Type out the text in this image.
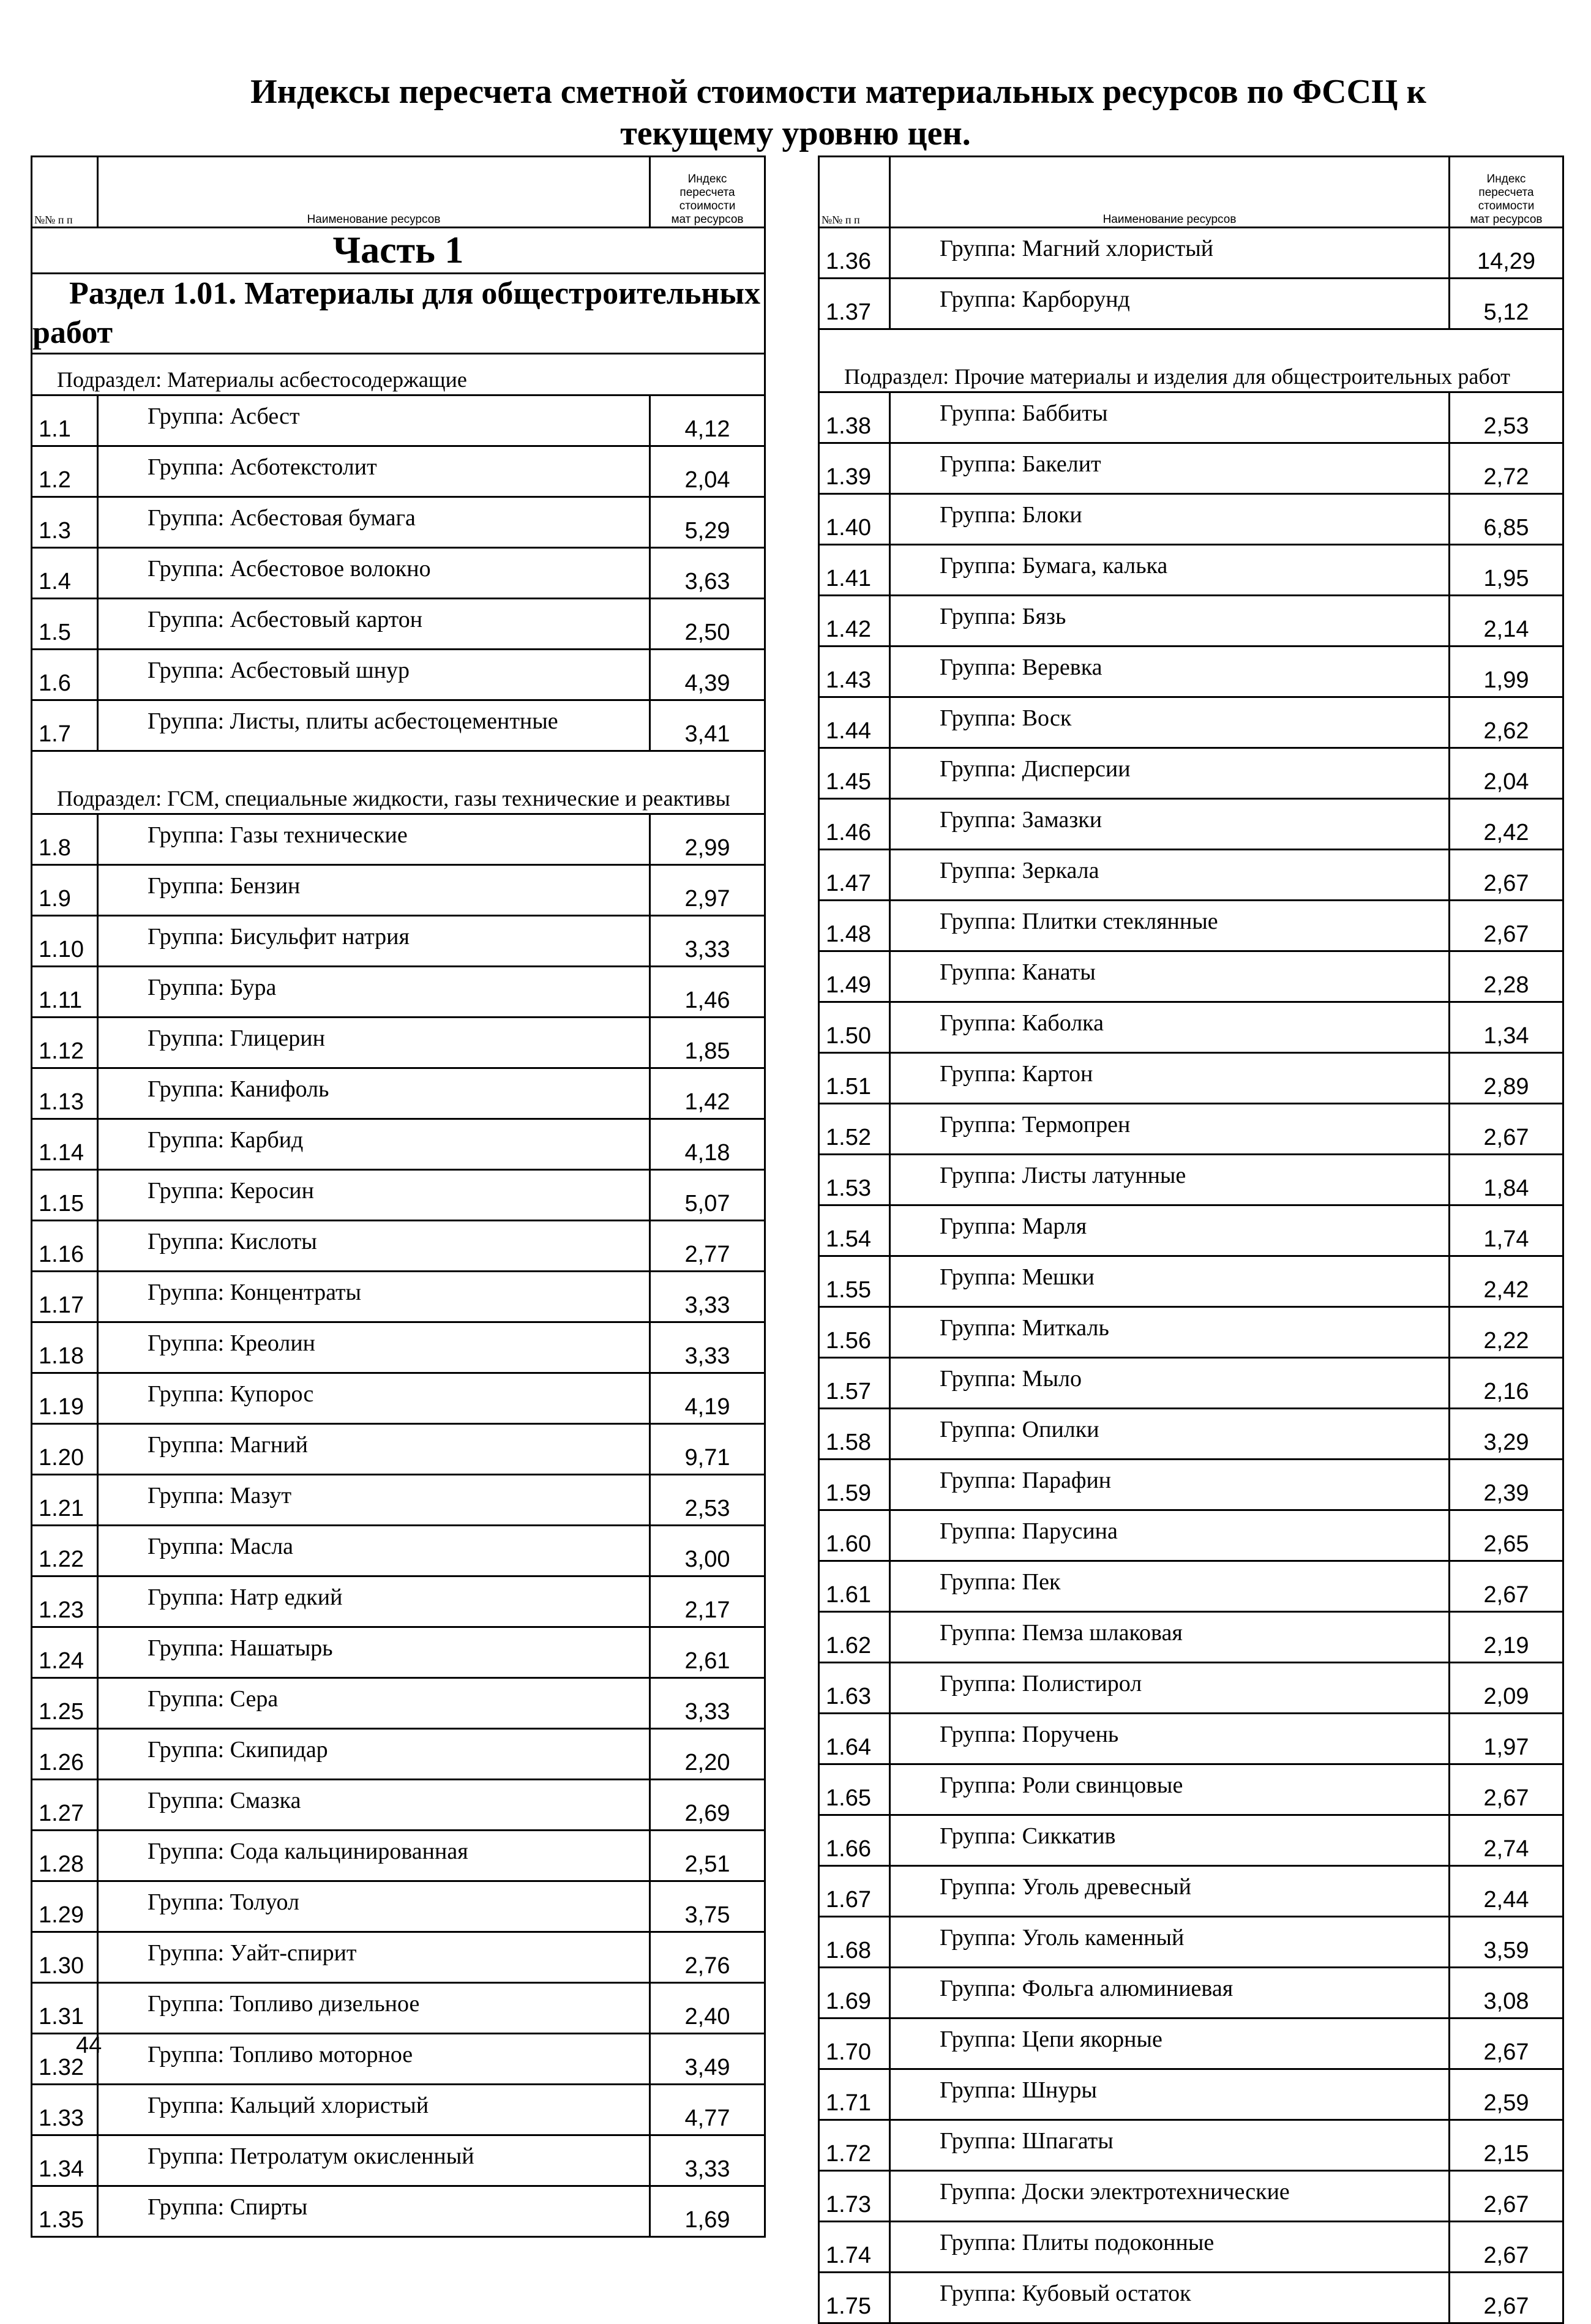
Индексы пересчета сметной стоимости материальных ресурсов по ФССЦ к
текущему уровню цен.
№№ п п	Наименование ресурсов	Индекс
пересчета
стоимости
мат ресурсов

Часть 1		
Раздел 1.01. Материалы для общестроительных работ		
Подраздел: Материалы асбестосодержащие		
1.1	Группа: Асбест	4,12
1.2	Группа: Асботекстолит	2,04
1.3	Группа: Асбестовая бумага	5,29
1.4	Группа: Асбестовое волокно	3,63
1.5	Группа: Асбестовый картон	2,50
1.6	Группа: Асбестовый шнур	4,39
1.7	Группа: Листы, плиты асбестоцементные	3,41
Подраздел: ГСМ, специальные жидкости, газы технические и реактивы		
1.8	Группа: Газы технические	2,99
1.9	Группа: Бензин	2,97
1.10	Группа: Бисульфит натрия	3,33
1.11	Группа: Бура	1,46
1.12	Группа: Глицерин	1,85
1.13	Группа: Канифоль	1,42
1.14	Группа: Карбид	4,18
1.15	Группа: Керосин	5,07
1.16	Группа: Кислоты	2,77
1.17	Группа: Концентраты	3,33
1.18	Группа: Креолин	3,33
1.19	Группа: Купорос	4,19
1.20	Группа: Магний	9,71
1.21	Группа: Мазут	2,53
1.22	Группа: Масла	3,00
1.23	Группа: Натр едкий	2,17
1.24	Группа: Нашатырь	2,61
1.25	Группа: Сера	3,33
1.26	Группа: Скипидар	2,20
1.27	Группа: Смазка	2,69
1.28	Группа: Сода кальцинированная	2,51
1.29	Группа: Толуол	3,75
1.30	Группа: Уайт-спирит	2,76
1.31	Группа: Топливо дизельное	2,40
1.32	Группа: Топливо моторное	3,49
1.33	Группа: Кальций хлористый	4,77
1.34	Группа: Петролатум окисленный	3,33
1.35	Группа: Спирты	1,69
№№ п п	Наименование ресурсов	Индекс
пересчета
стоимости
мат ресурсов

1.36	Группа: Магний хлористый	14,29
1.37	Группа: Карборунд	5,12
Подраздел: Прочие материалы и изделия для общестроительных работ		
1.38	Группа: Баббиты	2,53
1.39	Группа: Бакелит	2,72
1.40	Группа: Блоки	6,85
1.41	Группа: Бумага, калька	1,95
1.42	Группа: Бязь	2,14
1.43	Группа: Веревка	1,99
1.44	Группа: Воск	2,62
1.45	Группа: Дисперсии	2,04
1.46	Группа: Замазки	2,42
1.47	Группа: Зеркала	2,67
1.48	Группа: Плитки стеклянные	2,67
1.49	Группа: Канаты	2,28
1.50	Группа: Каболка	1,34
1.51	Группа: Картон	2,89
1.52	Группа: Термопрен	2,67
1.53	Группа: Листы латунные	1,84
1.54	Группа: Марля	1,74
1.55	Группа: Мешки	2,42
1.56	Группа: Миткаль	2,22
1.57	Группа: Мыло	2,16
1.58	Группа: Опилки	3,29
1.59	Группа: Парафин	2,39
1.60	Группа: Парусина	2,65
1.61	Группа: Пек	2,67
1.62	Группа: Пемза шлаковая	2,19
1.63	Группа: Полистирол	2,09
1.64	Группа: Поручень	1,97
1.65	Группа: Роли свинцовые	2,67
1.66	Группа: Сиккатив	2,74
1.67	Группа: Уголь древесный	2,44
1.68	Группа: Уголь каменный	3,59
1.69	Группа: Фольга алюминиевая	3,08
1.70	Группа: Цепи якорные	2,67
1.71	Группа: Шнуры	2,59
1.72	Группа: Шпагаты	2,15
1.73	Группа: Доски электротехнические	2,67
1.74	Группа: Плиты подоконные	2,67
1.75	Группа: Кубовый остаток	2,67
44
